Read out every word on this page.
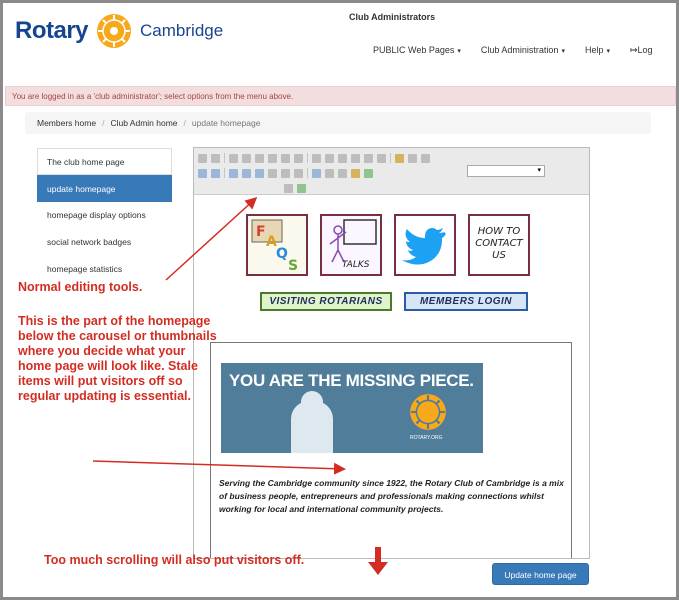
Rotary	Cambridge
Club Administrators
PUBLIC Web Pages ▾ Club Administration ▾ Help ▾ ↦Log
You are logged in as a 'club administrator'; select options from the menu above.
Members home / Club Admin home / update homepage
The club home page
update homepage
homepage display options
social network badges
homepage statistics
▾
F
A
Q
S	TALKS
HOW TO CONTACT US
VISITING ROTARIANS	MEMBERS LOGIN
YOU ARE THE MISSING PIECE.
ROTARY.ORG
Serving the Cambridge community since 1922, the Rotary Club of Cambridge is a mix of business people, entrepreneurs and professionals making connections whilst working for local and international community projects.
Update home page
Normal editing tools.
This is the part of the homepage below the carousel or thumbnails where you decide what your home page will look like. Stale items will put visitors off so regular updating is essential.
Too much scrolling will also put visitors off.
